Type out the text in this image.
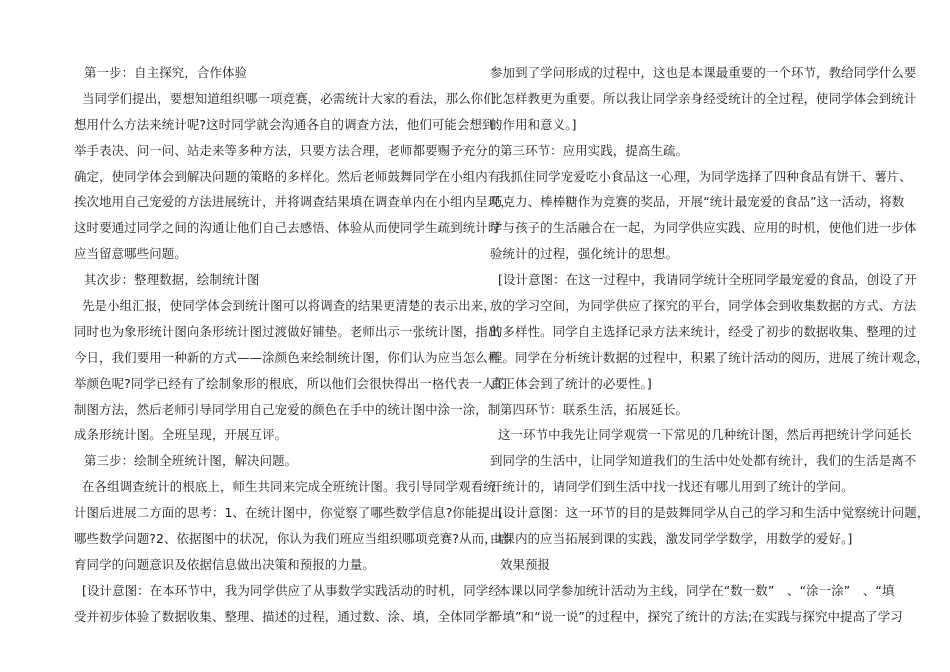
第一步：自主探究，合作体验
当同学们提出，要想知道组织哪一项竞赛，必需统计大家的看法，那么你们
想用什么方法来统计呢?这时同学就会沟通各自的调查方法，他们可能会想到：
举手表决、问一问、站走来等多种方法，只要方法合理，老师都要赐予充分的
确定，使同学体会到解决问题的策略的多样化。然后老师鼓舞同学在小组内有
挨次地用自己宠爱的方法进展统计，并将调查结果填在调查单内在小组内呈现，
这时要通过同学之间的沟通让他们自己去感悟、体验从而使同学生疏到统计时
应当留意哪些问题。
其次步：整理数据，绘制统计图
先是小组汇报，使同学体会到统计图可以将调查的结果更清楚的表示出来，
同时也为象形统计图向条形统计图过渡做好铺垫。老师出示一张统计图，指出
今日，我们要用一种新的方式——涂颜色来绘制统计图，你们认为应当怎么样
举颜色呢?同学已经有了绘制象形的根底，所以他们会很快得出一格代表一人的
制图方法，然后老师引导同学用自己宠爱的颜色在手中的统计图中涂一涂，制
成条形统计图。全班呈现，开展互评。
第三步：绘制全班统计图，解决问题。
在各组调查统计的根底上，师生共同来完成全班统计图。我引导同学观看统
计图后进展二方面的思考：1、在统计图中，你觉察了哪些数学信息?你能提出
哪些数学问题?2、依据图中的状况，你认为我们班应当组织哪项竞赛?从而，培
育同学的问题意识及依据信息做出决策和预报的力量。
[设计意图：在本环节中，我为同学供应了从事数学实践活动的时机，同学经
受并初步体验了数据收集、整理、描述的过程，通过数、涂、填，全体同学都
参加到了学问形成的过程中，这也是本课最重要的一个环节，教给同学什么要
比怎样教更为重要。所以我让同学亲身经受统计的全过程，使同学体会到统计
的作用和意义。]
第三环节：应用实践，提高生疏。
我抓住同学宠爱吃小食品这一心理，为同学选择了四种食品有饼干、薯片、
巧克力、棒棒糖作为竞赛的奖品，开展“统计最宠爱的食品”这一活动，将数
学与孩子的生活融合在一起，为同学供应实践、应用的时机，使他们进一步体
验统计的过程，强化统计的思想。
[设计意图：在这一过程中，我请同学统计全班同学最宠爱的食品，创设了开
放的学习空间，为同学供应了探究的平台，同学体会到收集数据的方式、方法
的多样性。同学自主选择记录方法来统计，经受了初步的数据收集、整理的过
程。同学在分析统计数据的过程中，积累了统计活动的阅历，进展了统计观念，
真正体会到了统计的必要性。]
第四环节：联系生活，拓展延长。
这一环节中我先让同学观赏一下常见的几种统计图，然后再把统计学问延长
到同学的生活中，让同学知道我们的生活中处处都有统计，我们的生活是离不
开统计的，请同学们到生活中找一找还有哪儿用到了统计的学问。
[设计意图：这一环节的目的是鼓舞同学从自己的学习和生活中觉察统计问题，
由课内的应当拓展到课的实践，激发同学学数学，用数学的爱好。]
效果预报
本课以同学参加统计活动为主线，同学在“数一数”　、“涂一涂”　、“填
一填”和“说一说”的过程中，探究了统计的方法;在实践与探究中提高了学习
